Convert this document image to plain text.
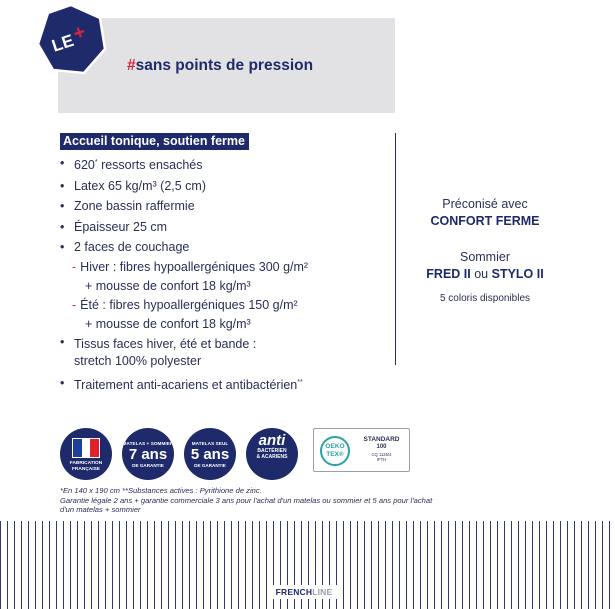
#sans points de pression
LE
+
Accueil tonique, soutien ferme
• 620* ressorts ensachés
• Latex 65 kg/m³ (2,5 cm)
• Zone bassin raffermie
• Épaisseur 25 cm
• 2 faces de couchage
- Hiver : fibres hypoallergéniques 300 g/m²
+ mousse de confort 18 kg/m³
- Été : fibres hypoallergéniques 150 g/m²
+ mousse de confort 18 kg/m³
• Tissus faces hiver, été et bande :
stretch 100% polyester
• Traitement anti-acariens et antibactérien**
Préconisé avec
CONFORT FERME
Sommier
FRED II ou STYLO II
5 coloris disponibles
FABRICATION
FRANÇAISE
MATELAS + SOMMIER
7 ans
DE GARANTIE
MATELAS SEUL
5 ans
DE GARANTIE
anti
BACTÉRIEN
& ACARIENS
OEKO
TEX®
STANDARD
100
CQ 1125/4
IFTH
*En 140 x 190 cm **Substances actives : Pyrithione de zinc.
Garantie légale 2 ans + garantie commerciale 3 ans pour l'achat d'un matelas ou sommier et 5 ans pour l'achat
d'un matelas + sommier
FRENCHLINE
